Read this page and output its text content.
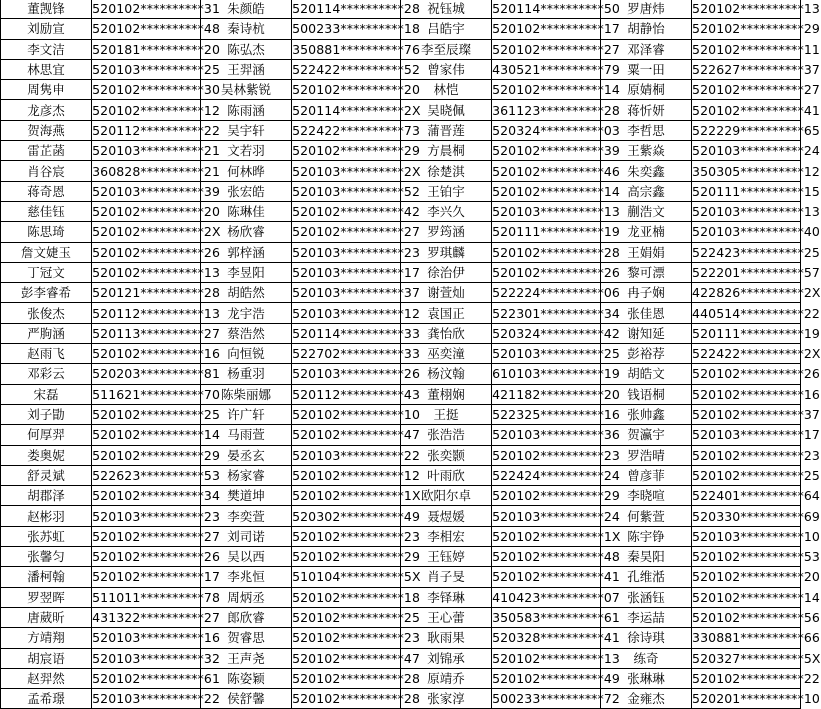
董觊锋	520102**********31	朱颜皓	520114**********28	祝钰城	520114**********50	罗唐炜	520102**********13
刘励宣	520102**********48	秦诗杭	500233**********18	吕皓宇	520102**********17	胡静怡	520102**********29
李文洁	520181**********20	陈弘杰	350881**********76	李至辰璨	520102**********27	邓泽睿	520102**********11
林思宜	520103**********25	王羿涵	522422**********52	曾家伟	430521**********79	粟一田	522627**********37
周隽申	520102**********30	吴林紫锐	520102**********20	林恺	520102**********14	原婧桐	520102**********27
龙彦杰	520102**********12	陈雨涵	520114**********2X	吴晓佩	361123**********28	蒋忻妍	520102**********41
贺海燕	520112**********22	吴宇轩	522422**********73	蒲晋莲	520324**********03	李哲思	522229**********65
雷芷菡	520103**********21	文若羽	520102**********29	方晨桐	520102**********39	王紫焱	520103**********24
肖谷宸	360828**********21	何林晔	520103**********2X	徐楚淇	520102**********46	朱奕鑫	350305**********12
蒋奇恩	520103**********39	张宏皓	520103**********52	王铂宇	520102**********14	高宗鑫	520111**********15
慈佳钰	520102**********20	陈琳佳	520102**********42	李兴久	520103**********13	蒯浩文	520103**********13
陈思琦	520102**********2X	杨欣睿	520102**********27	罗筠涵	520111**********19	龙亚楠	520103**********40
詹文婕玉	520102**********26	郭梓涵	520103**********23	罗琪麟	520102**********28	王娟娟	522423**********25
丁冠文	520102**********13	李昱阳	520103**********17	徐治伊	520102**********26	黎可漂	522201**********57
彭李睿希	520121**********28	胡皓然	520103**********37	谢萱灿	522224**********06	冉子娴	422826**********2X
张俊杰	520112**********13	龙宇浩	520103**********12	袁国正	522301**********34	张佳恩	440514**********22
严朐涵	520113**********27	蔡浩然	520114**********33	龚怡欣	520324**********42	谢知延	520111**********19
赵雨飞	520102**********16	向恒锐	522702**********33	巫奕潼	520103**********25	彭裕荐	522422**********2X
邓彩云	520203**********81	杨重羽	520103**********26	杨汶翰	610103**********19	胡皓文	520102**********26
宋磊	511621**********70	陈柴丽娜	520112**********43	董栩娴	421182**********20	钱语桐	520102**********16
刘子勖	520102**********25	许广轩	520102**********10	王挺	522325**********16	张帅鑫	520102**********37
何厚羿	520102**********14	马雨萱	520102**********47	张浩浩	520103**********36	贺瀛宇	520103**********17
娄奥妮	520102**********29	晏丞玄	520103**********22	张奕颢	520102**********23	罗浩晴	520102**********23
舒灵斌	522623**********53	杨家睿	520102**********12	叶雨欣	522424**********24	曾彦菲	520102**********25
胡郡泽	520102**********34	樊道坤	520102**********1X	欧阳尔卓	520102**********29	李晓喧	522401**********64
赵彬羽	520103**********23	李奕萱	520302**********49	聂煜媛	520103**********24	何紫萱	520330**********69
张苏虹	520102**********27	刘司诺	520102**********23	李相宏	520102**********1X	陈宇铮	520103**********10
张馨匀	520102**********26	吴以西	520102**********29	王钰婷	520102**********48	秦昊阳	520102**********53
潘柯翰	520102**********17	李兆恒	510104**********5X	肖子旻	520102**********41	孔维湉	520102**********20
罗翌晖	511011**********78	周炳丞	520102**********18	李铎琳	410423**********07	张涵钰	520102**********14
唐葳昕	431322**********27	郎欣睿	520102**********25	王心蕾	350583**********61	李运喆	520102**********56
方靖翔	520103**********16	贺睿思	520102**********23	耿雨果	520328**********41	徐诗琪	330881**********66
胡宸语	520103**********32	王声尧	520102**********47	刘锦承	520102**********13	练奇	520327**********5X
赵羿然	520102**********61	陈姿颖	520102**********28	原靖乔	520102**********49	张琳琳	520102**********22
孟希璟	520103**********22	侯舒馨	520102**********28	张家淳	500233**********72	金雍杰	520201**********10
